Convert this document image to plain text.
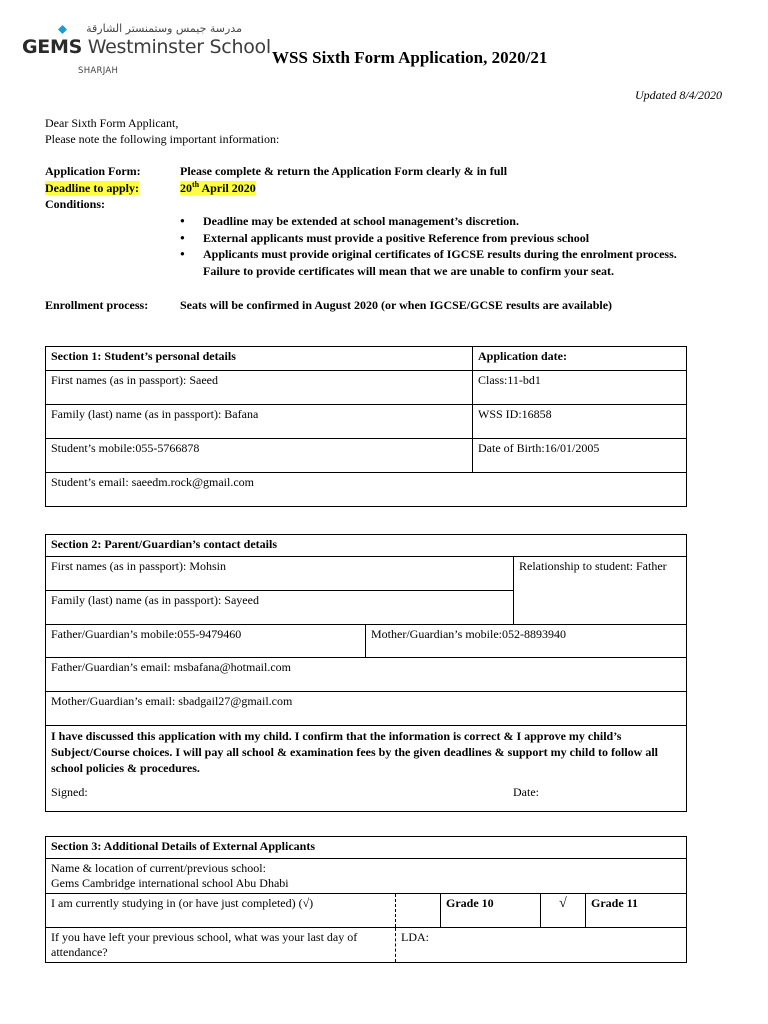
مدرسة جيمس وستمنستر الشارقة
GEMS Westminster School
SHARJAH
WSS Sixth Form Application, 2020/21
Updated 8/4/2020
Dear Sixth Form Applicant,
Please note the following important information:
Application Form:	Please complete & return the Application Form clearly & in full
Deadline to apply:	20th April 2020
Conditions:
● Deadline may be extended at school management’s discretion.
● External applicants must provide a positive Reference from previous school
● Applicants must provide original certificates of IGCSE results during the enrolment process. Failure to provide certificates will mean that we are unable to confirm your seat.
Enrollment process:	Seats will be confirmed in August 2020 (or when IGCSE/GCSE results are available)
Section 1: Student’s personal details	Application date:
First names (as in passport): Saeed	Class:11-bd1
Family (last) name (as in passport): Bafana	WSS ID:16858
Student’s mobile:055-5766878	Date of Birth:16/01/2005
Student’s email: saeedm.rock@gmail.com	
Section 2: Parent/Guardian’s contact details		
First names (as in passport): Mohsin		Relationship to student: Father
Family (last) name (as in passport): Sayeed		
Father/Guardian’s mobile:055-9479460	Mother/Guardian’s mobile:052-8893940	
Father/Guardian’s email: msbafana@hotmail.com		
Mother/Guardian’s email: sbadgail27@gmail.com		

I have discussed this application with my child. I confirm that the information is correct & I approve my child’s Subject/Course choices. I will pay all school & examination fees by the given deadlines & support my child to follow all school policies & procedures.
Signed: Date:		
Section 3: Additional Details of External Applicants				

Name & location of current/previous school:
Gems Cambridge international school Abu Dhabi				

I am currently studying in (or have just completed) (√)		Grade 10	√	Grade 11
If you have left your previous school, what was your last day of attendance?	LDA:			
